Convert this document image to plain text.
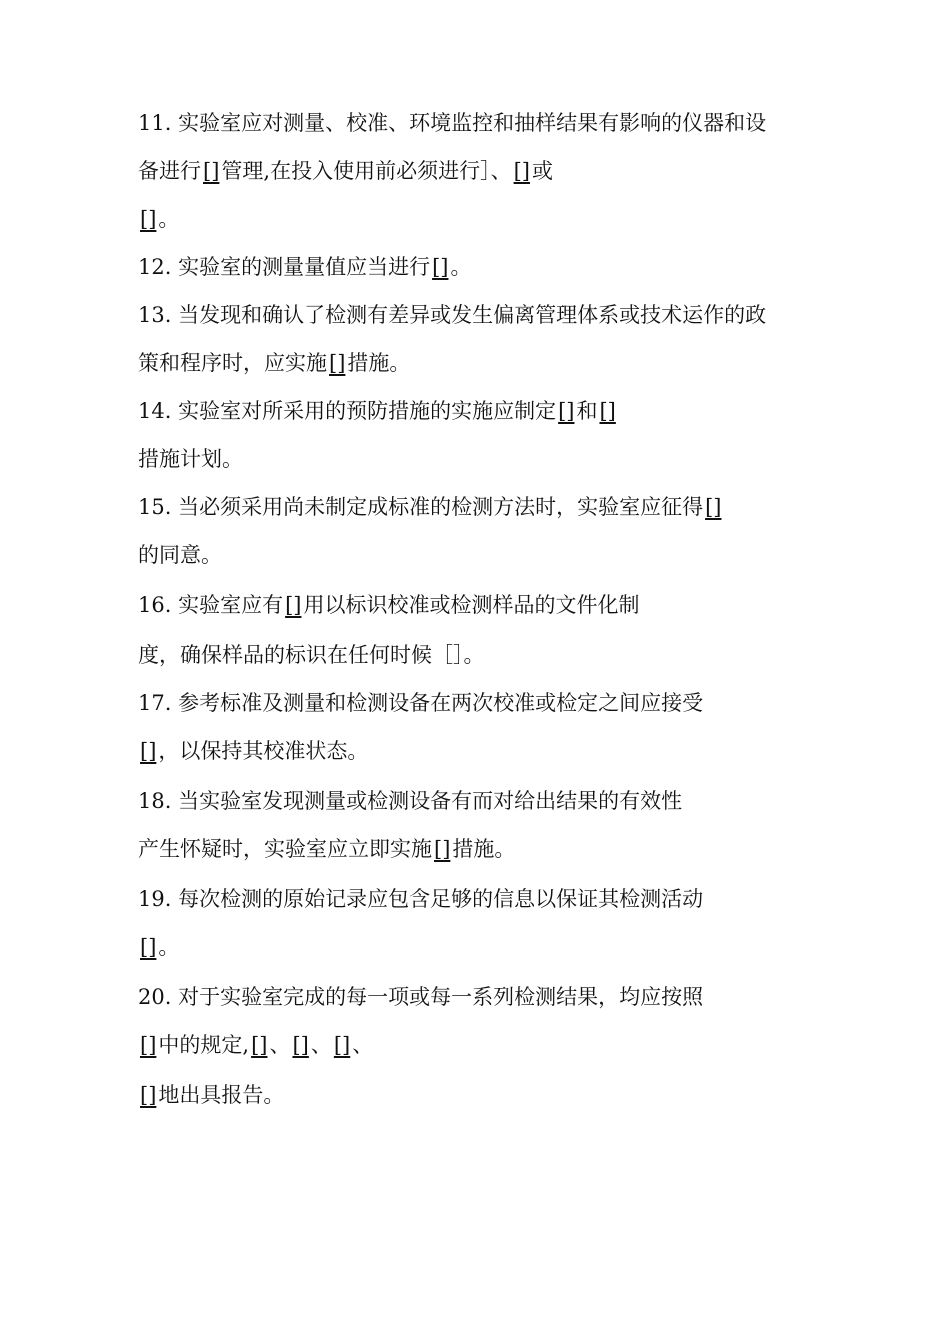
11. 实验室应对测量、校准、环境监控和抽样结果有影响的仪器和设
备进行[]管理,在投入使用前必须进行］、[]或
[]。
12. 实验室的测量量值应当进行[]。
13. 当发现和确认了检测有差异或发生偏离管理体系或技术运作的政
策和程序时，应实施[]措施。
14. 实验室对所采用的预防措施的实施应制定[]和[]
措施计划。
15. 当必须采用尚未制定成标准的检测方法时，实验室应征得[]
的同意。
16. 实验室应有[]用以标识校准或检测样品的文件化制
度，确保样品的标识在任何时候［］。
17. 参考标准及测量和检测设备在两次校准或检定之间应接受
[]，以保持其校准状态。
18. 当实验室发现测量或检测设备有而对给出结果的有效性
产生怀疑时，实验室应立即实施[]措施。
19. 每次检测的原始记录应包含足够的信息以保证其检测活动
[]。
20. 对于实验室完成的每一项或每一系列检测结果，均应按照
[]中的规定,[]、[]、[]、
[]地出具报告。
